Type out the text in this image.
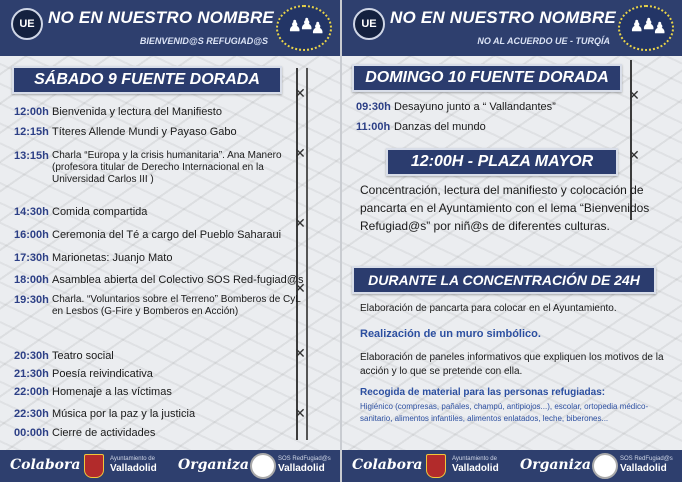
UE NO EN NUESTRO NOMBRE
BIENVENID@S REFUGIAD@S
♟
♟
♟
SÁBADO 9 FUENTE DORADA
✕
✕
✕
✕
✕
✕
12:00h Bienvenida y lectura del Manifiesto
12:15h Títeres Allende Mundi y Payaso Gabo
13:15h Charla “Europa y la crisis humanitaria”. Ana Manero (profesora titular de Derecho Internacional en la Universidad Carlos III )
14:30h Comida compartida
16:00h Ceremonia del Té a cargo del Pueblo Saharaui
17:30h Marionetas: Juanjo Mato
18:00h Asamblea abierta del Colectivo SOS Red-fugiad@s
19:30h Charla. “Voluntarios sobre el Terreno” Bomberos de CyL en Lesbos (G-Fire y Bomberos en Acción)
20:30h Teatro social
21:30h Poesía reivindicativa
22:00h Homenaje a las víctimas
22:30h Música por la paz y la justicia
00:00h Cierre de actividades
Colabora	Ayuntamiento de
Valladolid Organiza	SOS RedFugiad@s
Valladolid
UE NO EN NUESTRO NOMBRE
NO AL ACUERDO UE - TURQÍA
♟
♟
♟
DOMINGO 10 FUENTE DORADA
✕
✕
09:30h Desayuno junto a “ Vallandantes”
11:00h Danzas del mundo
12:00H - PLAZA MAYOR
Concentración, lectura del manifiesto y colocación de pancarta en el Ayuntamiento con el lema “Bienvenidos Refugiad@s” por niñ@s de diferentes culturas.
DURANTE LA CONCENTRACIÓN DE 24H
Elaboración de pancarta para colocar en el Ayuntamiento.
Realización de un muro simbólico.
Elaboración de paneles informativos que expliquen los motivos de la acción y lo que se pretende con ella.
Recogida de material para las personas refugiadas:
Higiénico (compresas, pañales, champú, antipiojos...), escolar, ortopedia médico-sanitario, alimentos infantiles, alimentos enlatados, leche, biberones...
Colabora	Ayuntamiento de
Valladolid Organiza	SOS RedFugiad@s
Valladolid
